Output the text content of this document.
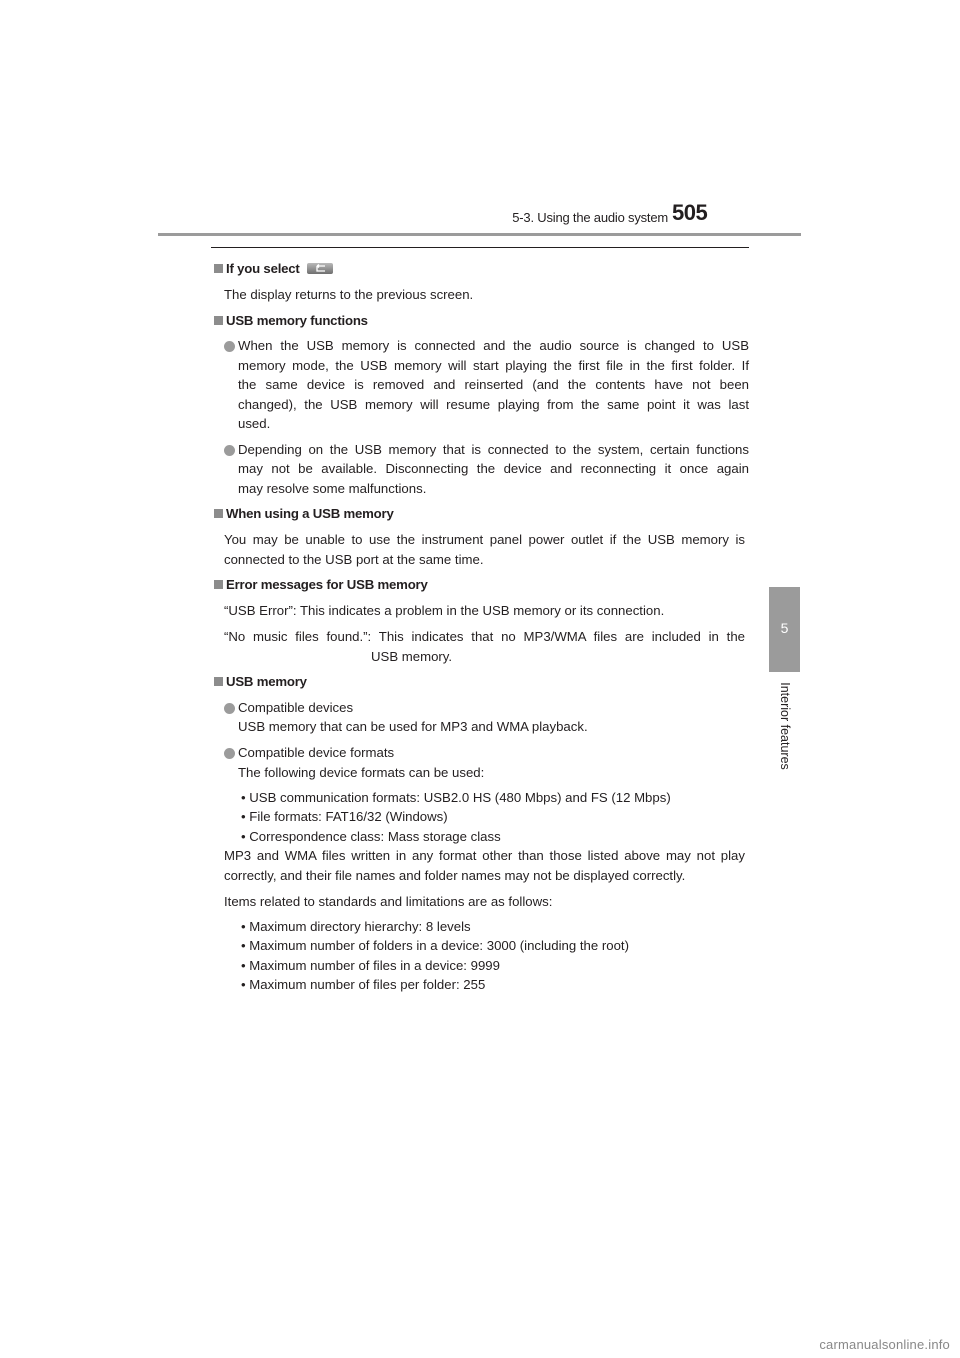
5-3. Using the audio system 505
5
Interior features
If you select
The display returns to the previous screen.
USB memory functions
When the USB memory is connected and the audio source is changed to USB
memory mode, the USB memory will start playing the first file in the first folder. If
the same device is removed and reinserted (and the contents have not been
changed), the USB memory will resume playing from the same point it was last
used.
Depending on the USB memory that is connected to the system, certain functions
may not be available. Disconnecting the device and reconnecting it once again
may resolve some malfunctions.
When using a USB memory
You may be unable to use the instrument panel power outlet if the USB memory is
connected to the USB port at the same time.
Error messages for USB memory
“USB Error”: This indicates a problem in the USB memory or its connection.
“No music files found.”: This indicates that no MP3/WMA files are included in the
USB memory.
USB memory
Compatible devices
USB memory that can be used for MP3 and WMA playback.
Compatible device formats
The following device formats can be used:
• USB communication formats: USB2.0 HS (480 Mbps) and FS (12 Mbps)
• File formats: FAT16/32 (Windows)
• Correspondence class: Mass storage class
MP3 and WMA files written in any format other than those listed above may not play
correctly, and their file names and folder names may not be displayed correctly.
Items related to standards and limitations are as follows:
• Maximum directory hierarchy: 8 levels
• Maximum number of folders in a device: 3000 (including the root)
• Maximum number of files in a device: 9999
• Maximum number of files per folder: 255
carmanualsonline.info
